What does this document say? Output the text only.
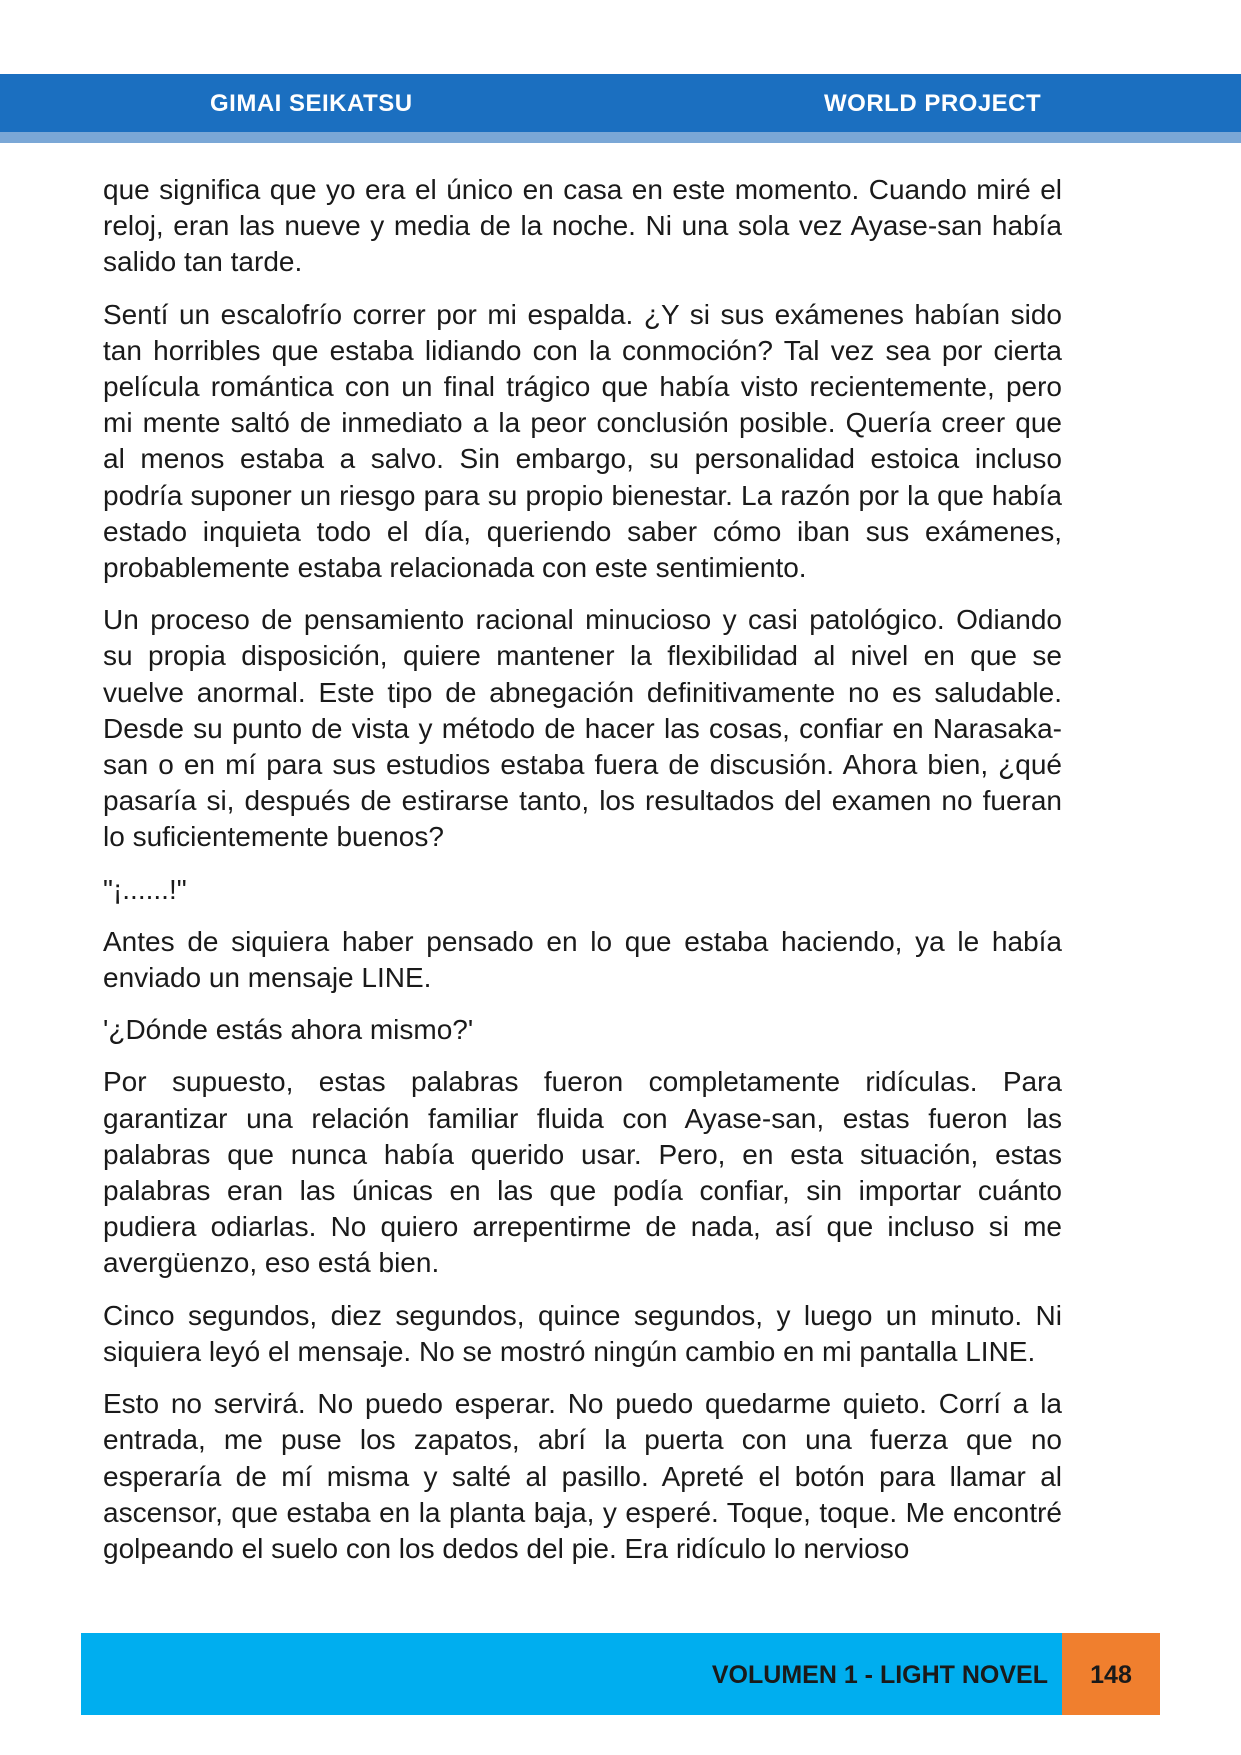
GIMAI SEIKATSU	WORLD PROJECT

que significa que yo era el único en casa en este momento. Cuando miré el reloj, eran las nueve y media de la noche. Ni una sola vez Ayase-san había salido tan tarde.

Sentí un escalofrío correr por mi espalda. ¿Y si sus exámenes habían sido tan horribles que estaba lidiando con la conmoción? Tal vez sea por cierta película romántica con un final trágico que había visto recientemente, pero mi mente saltó de inmediato a la peor conclusión posible. Quería creer que al menos estaba a salvo. Sin embargo, su personalidad estoica incluso podría suponer un riesgo para su propio bienestar. La razón por la que había estado inquieta todo el día, queriendo saber cómo iban sus exámenes, probablemente estaba relacionada con este sentimiento.

Un proceso de pensamiento racional minucioso y casi patológico. Odiando su propia disposición, quiere mantener la flexibilidad al nivel en que se vuelve anormal. Este tipo de abnegación definitivamente no es saludable. Desde su punto de vista y método de hacer las cosas, confiar en Narasaka-san o en mí para sus estudios estaba fuera de discusión. Ahora bien, ¿qué pasaría si, después de estirarse tanto, los resultados del examen no fueran lo suficientemente buenos?

"¡......!"

Antes de siquiera haber pensado en lo que estaba haciendo, ya le había enviado un mensaje LINE.

'¿Dónde estás ahora mismo?'

Por supuesto, estas palabras fueron completamente ridículas. Para garantizar una relación familiar fluida con Ayase-san, estas fueron las palabras que nunca había querido usar. Pero, en esta situación, estas palabras eran las únicas en las que podía confiar, sin importar cuánto pudiera odiarlas. No quiero arrepentirme de nada, así que incluso si me avergüenzo, eso está bien.

Cinco segundos, diez segundos, quince segundos, y luego un minuto. Ni siquiera leyó el mensaje. No se mostró ningún cambio en mi pantalla LINE.

Esto no servirá. No puedo esperar. No puedo quedarme quieto. Corrí a la entrada, me puse los zapatos, abrí la puerta con una fuerza que no esperaría de mí misma y salté al pasillo. Apreté el botón para llamar al ascensor, que estaba en la planta baja, y esperé. Toque, toque. Me encontré golpeando el suelo con los dedos del pie. Era ridículo lo nervioso

VOLUMEN 1 - LIGHT NOVEL	148
